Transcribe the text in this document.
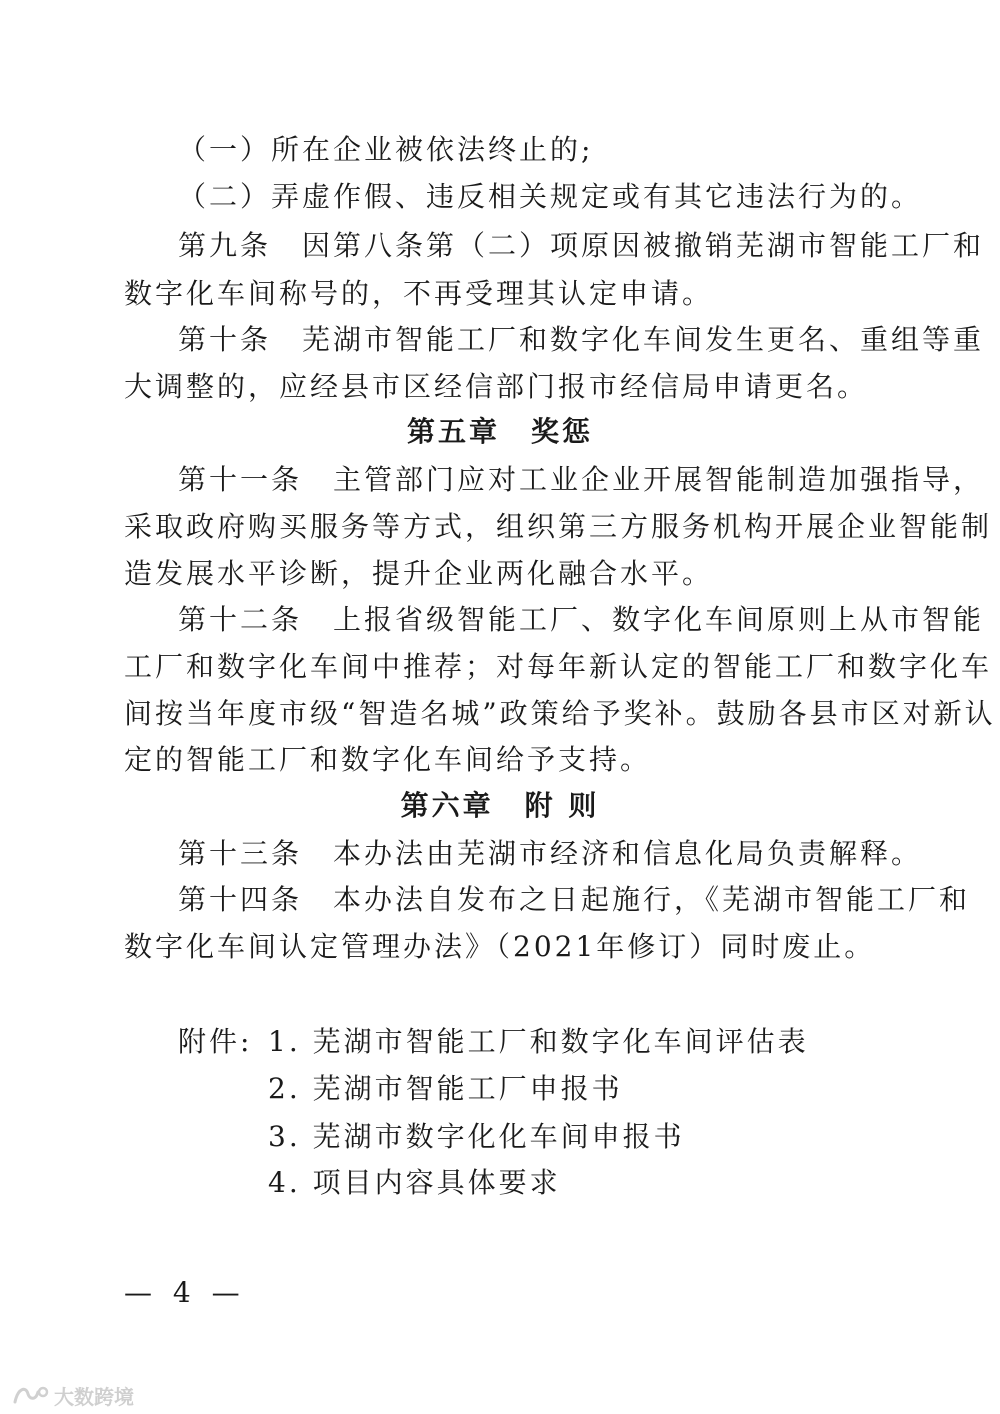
（一）所在企业被依法终止的;
（二）弄虚作假、违反相关规定或有其它违法行为的。
第九条　因第八条第（二）项原因被撤销芜湖市智能工厂和
数字化车间称号的，不再受理其认定申请。
第十条　芜湖市智能工厂和数字化车间发生更名、重组等重
大调整的，应经县市区经信部门报市经信局申请更名。
第五章　奖惩
第十一条　主管部门应对工业企业开展智能制造加强指导，
采取政府购买服务等方式，组织第三方服务机构开展企业智能制
造发展水平诊断，提升企业两化融合水平。
第十二条　上报省级智能工厂、数字化车间原则上从市智能
工厂和数字化车间中推荐；对每年新认定的智能工厂和数字化车
间按当年度市级“智造名城”政策给予奖补。鼓励各县市区对新认
定的智能工厂和数字化车间给予支持。
第六章　附 则
第十三条　本办法由芜湖市经济和信息化局负责解释。
第十四条　本办法自发布之日起施行，《芜湖市智能工厂和
数字化车间认定管理办法》（2021年修订）同时废止。
附件: 1. 芜湖市智能工厂和数字化车间评估表
2. 芜湖市智能工厂申报书
3. 芜湖市数字化化车间申报书
4. 项目内容具体要求
— 4 —
大数跨境
